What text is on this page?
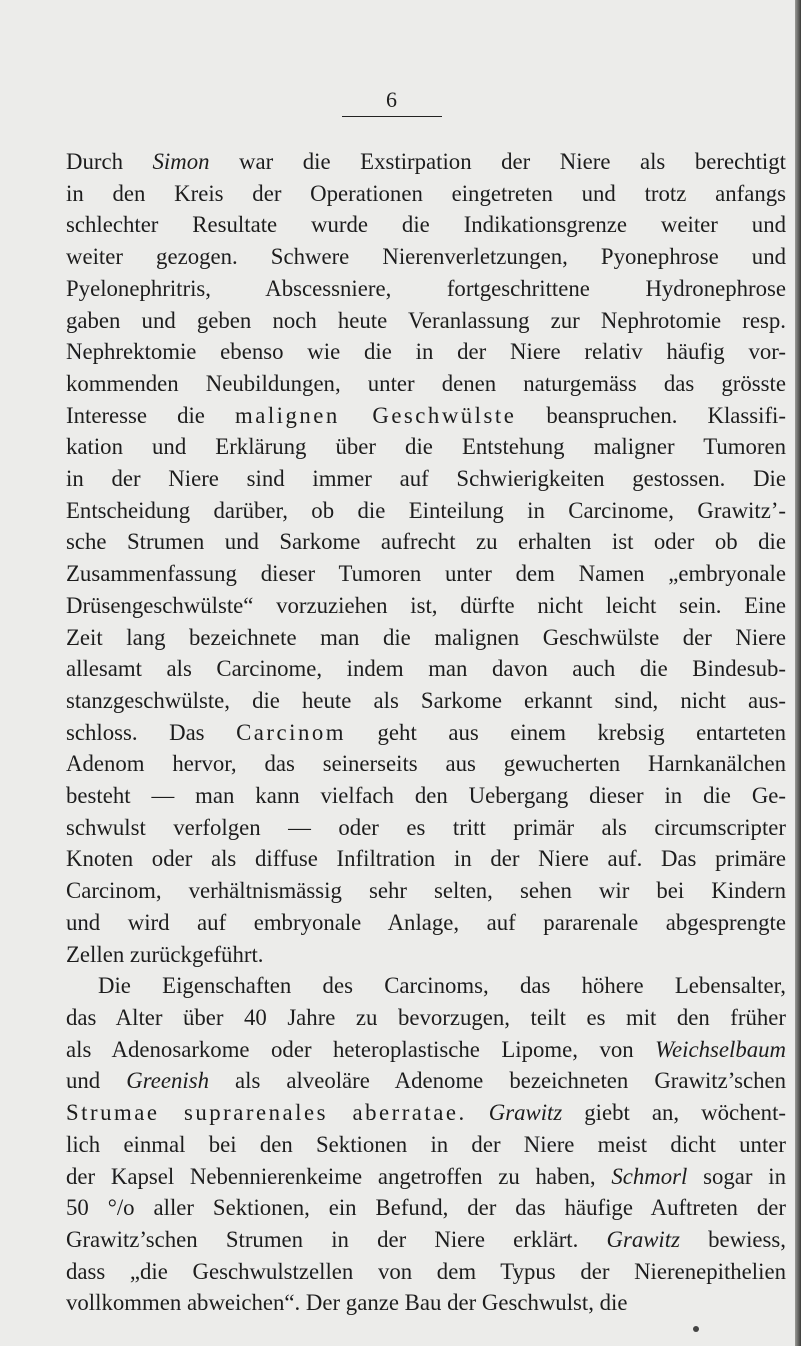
6
Durch Simon war die Exstirpation der Niere als berechtigt
in den Kreis der Operationen eingetreten und trotz anfangs
schlechter Resultate wurde die Indikationsgrenze weiter und
weiter gezogen. Schwere Nierenverletzungen, Pyonephrose und
Pyelonephritris, Abscessniere, fortgeschrittene Hydronephrose
gaben und geben noch heute Veranlassung zur Nephrotomie resp.
Nephrektomie ebenso wie die in der Niere relativ häufig vor-
kommenden Neubildungen, unter denen naturgemäss das grösste
Interesse die malignen Geschwülste beanspruchen. Klassifi-
kation und Erklärung über die Entstehung maligner Tumoren
in der Niere sind immer auf Schwierigkeiten gestossen. Die
Entscheidung darüber, ob die Einteilung in Carcinome, Grawitz’-
sche Strumen und Sarkome aufrecht zu erhalten ist oder ob die
Zusammenfassung dieser Tumoren unter dem Namen „embryonale
Drüsengeschwülste“ vorzuziehen ist, dürfte nicht leicht sein. Eine
Zeit lang bezeichnete man die malignen Geschwülste der Niere
allesamt als Carcinome, indem man davon auch die Bindesub-
stanzgeschwülste, die heute als Sarkome erkannt sind, nicht aus-
schloss. Das Carcinom geht aus einem krebsig entarteten
Adenom hervor, das seinerseits aus gewucherten Harnkanälchen
besteht — man kann vielfach den Uebergang dieser in die Ge-
schwulst verfolgen — oder es tritt primär als circumscripter
Knoten oder als diffuse Infiltration in der Niere auf. Das primäre
Carcinom, verhältnismässig sehr selten, sehen wir bei Kindern
und wird auf embryonale Anlage, auf pararenale abgesprengte
Zellen zurückgeführt.
Die Eigenschaften des Carcinoms, das höhere Lebensalter,
das Alter über 40 Jahre zu bevorzugen, teilt es mit den früher
als Adenosarkome oder heteroplastische Lipome, von Weichselbaum
und Greenish als alveoläre Adenome bezeichneten Grawitz’schen
Strumae suprarenales aberratae. Grawitz giebt an, wöchent-
lich einmal bei den Sektionen in der Niere meist dicht unter
der Kapsel Nebennierenkeime angetroffen zu haben, Schmorl sogar in
50 °/o aller Sektionen, ein Befund, der das häufige Auftreten der
Grawitz’schen Strumen in der Niere erklärt. Grawitz bewiess,
dass „die Geschwulstzellen von dem Typus der Nierenepithelien
vollkommen abweichen“. Der ganze Bau der Geschwulst, die
